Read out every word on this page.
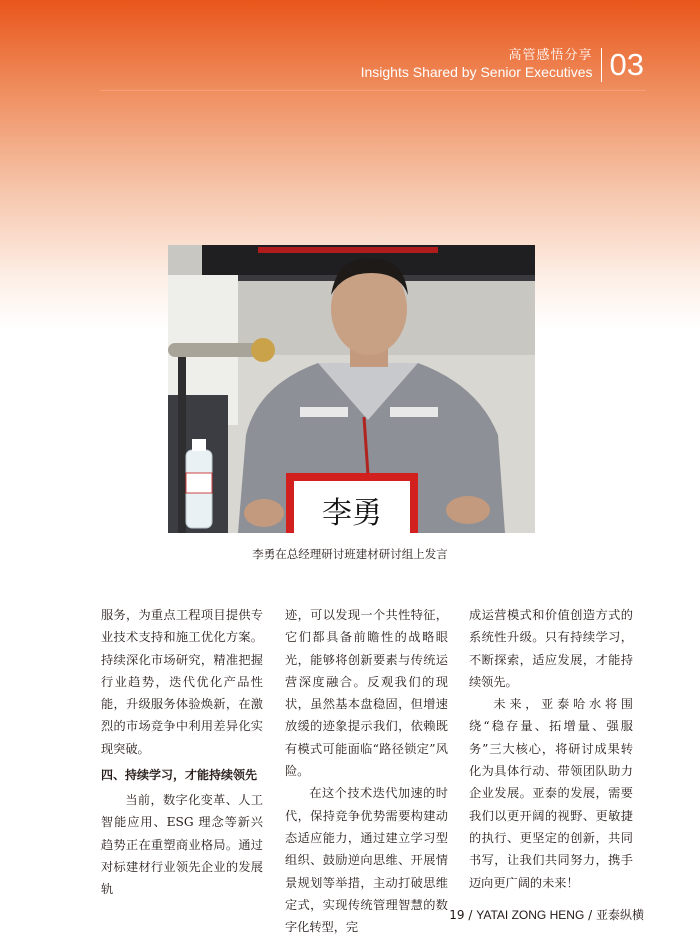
高管感悟分享
Insights Shared by Senior Executives 03
李勇
李勇在总经理研讨班建材研讨组上发言

服务，为重点工程项目提供专业技术支持和施工优化方案。持续深化市场研究，精准把握行业趋势，迭代优化产品性能，升级服务体验焕新，在激烈的市场竞争中利用差异化实现突破。

四、持续学习，才能持续领先

当前，数字化变革、人工智能应用、ESG 理念等新兴趋势正在重塑商业格局。通过对标建材行业领先企业的发展轨

迹，可以发现一个共性特征，它们都具备前瞻性的战略眼光，能够将创新要素与传统运营深度融合。反观我们的现状，虽然基本盘稳固，但增速放缓的迹象提示我们，依赖既有模式可能面临“路径锁定”风险。

在这个技术迭代加速的时代，保持竞争优势需要构建动态适应能力，通过建立学习型组织、鼓励逆向思维、开展情景规划等举措，主动打破思维定式，实现传统管理智慧的数字化转型，完

成运营模式和价值创造方式的系统性升级。只有持续学习，不断探索，适应发展，才能持续领先。

未来，亚泰哈水将围绕“稳存量、拓增量、强服务”三大核心，将研讨成果转化为具体行动、带领团队助力企业发展。亚泰的发展，需要我们以更开阔的视野、更敏捷的执行、更坚定的创新，共同书写，让我们共同努力，携手迈向更广阔的未来！

19 / YATAI ZONG HENG / 亚泰纵横
